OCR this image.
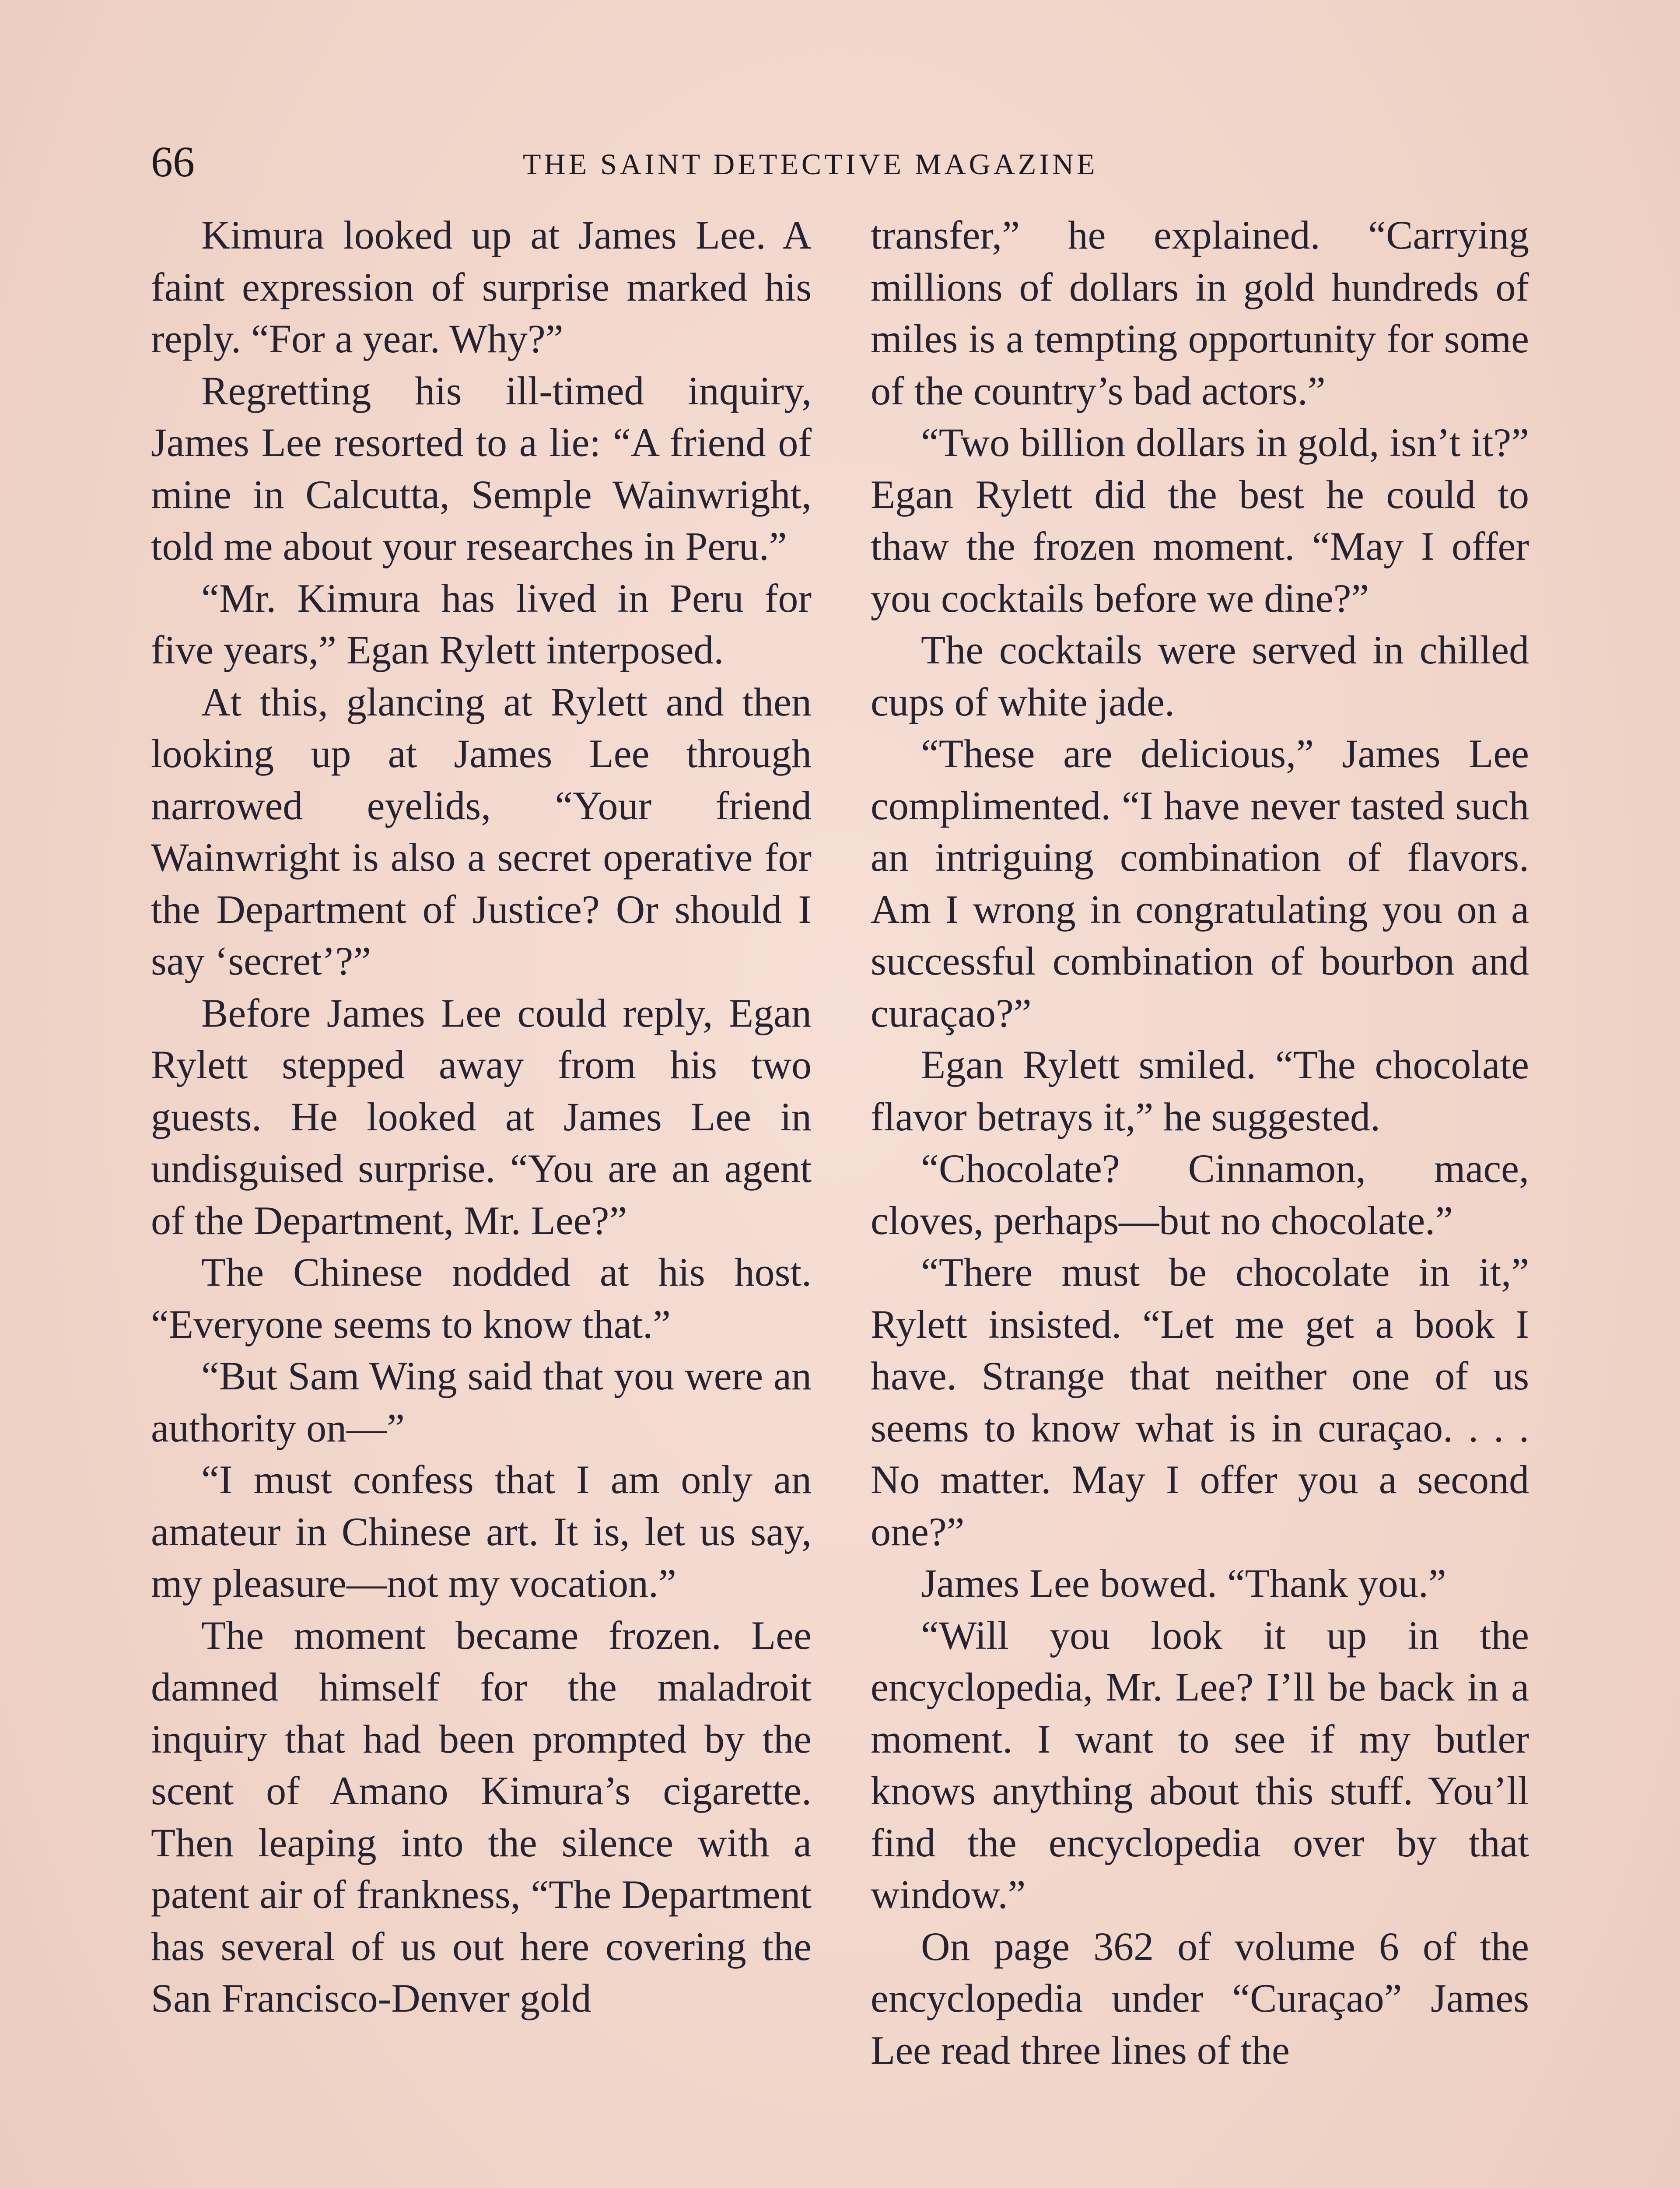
66	THE SAINT DETECTIVE MAGAZINE

Kimura looked up at James Lee. A faint expression of surprise marked his reply. “For a year. Why?”

Regretting his ill-timed inquiry, James Lee resorted to a lie: “A friend of mine in Calcutta, Semple Wainwright, told me about your researches in Peru.”

“Mr. Kimura has lived in Peru for five years,” Egan Rylett interposed.

At this, glancing at Rylett and then looking up at James Lee through narrowed eyelids, “Your friend Wainwright is also a secret operative for the Department of Justice? Or should I say ‘secret’?”

Before James Lee could reply, Egan Rylett stepped away from his two guests. He looked at James Lee in undisguised surprise. “You are an agent of the Department, Mr. Lee?”

The Chinese nodded at his host. “Everyone seems to know that.”

“But Sam Wing said that you were an authority on—”

“I must confess that I am only an amateur in Chinese art. It is, let us say, my pleasure—not my vocation.”

The moment became frozen. Lee damned himself for the maladroit inquiry that had been prompted by the scent of Amano Kimura’s cigarette. Then leaping into the silence with a patent air of frankness, “The Department has several of us out here covering the San Francisco-Denver gold

transfer,” he explained. “Carrying millions of dollars in gold hundreds of miles is a tempting opportunity for some of the country’s bad actors.”

“Two billion dollars in gold, isn’t it?” Egan Rylett did the best he could to thaw the frozen moment. “May I offer you cocktails before we dine?”

The cocktails were served in chilled cups of white jade.

“These are delicious,” James Lee complimented. “I have never tasted such an intriguing combination of flavors. Am I wrong in congratulating you on a successful combination of bourbon and curaçao?”

Egan Rylett smiled. “The chocolate flavor betrays it,” he suggested.

“Chocolate? Cinnamon, mace, cloves, perhaps—but no chocolate.”

“There must be chocolate in it,” Rylett insisted. “Let me get a book I have. Strange that neither one of us seems to know what is in curaçao. . . . No matter. May I offer you a second one?”

James Lee bowed. “Thank you.”

“Will you look it up in the encyclopedia, Mr. Lee? I’ll be back in a moment. I want to see if my butler knows anything about this stuff. You’ll find the encyclopedia over by that window.”

On page 362 of volume 6 of the encyclopedia under “Curaçao” James Lee read three lines of the
